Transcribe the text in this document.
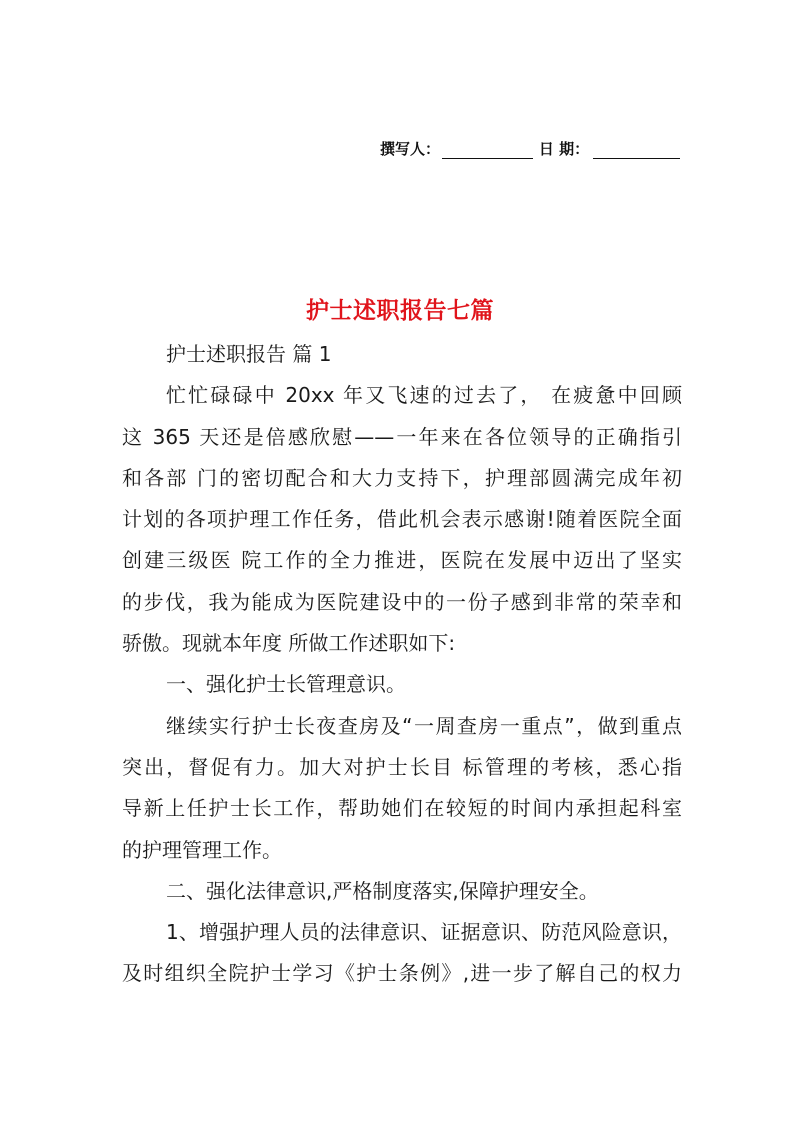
撰写人：	日 期：
护士述职报告七篇
护士述职报告 篇 1
忙忙碌碌中 20xx 年又飞速的过去了， 在疲惫中回顾
这 365 天还是倍感欣慰——一年来在各位领导的正确指引
和各部 门的密切配合和大力支持下，护理部圆满完成年初
计划的各项护理工作任务，借此机会表示感谢!随着医院全面
创建三级医 院工作的全力推进，医院在发展中迈出了坚实
的步伐，我为能成为医院建设中的一份子感到非常的荣幸和
骄傲。现就本年度 所做工作述职如下:
一、强化护士长管理意识。
继续实行护士长夜查房及“一周查房一重点”，做到重点
突出，督促有力。加大对护士长目 标管理的考核，悉心指
导新上任护士长工作，帮助她们在较短的时间内承担起科室
的护理管理工作。
二、强化法律意识,严格制度落实,保障护理安全。
1、增强护理人员的法律意识、证据意识、防范风险意识，
及时组织全院护士学习《护士条例》,进一步了解自己的权力
